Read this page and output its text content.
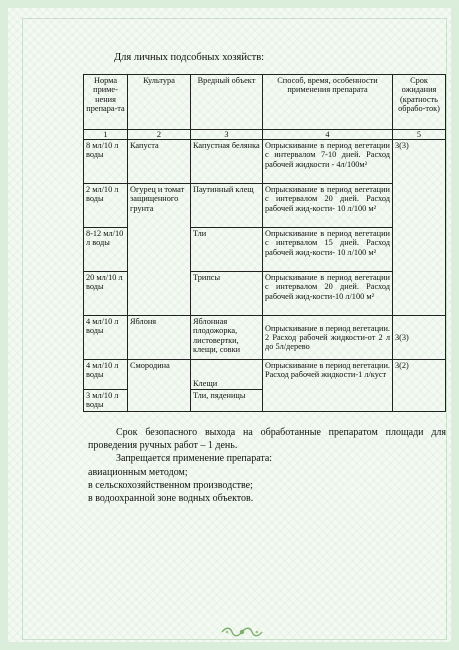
Для личных подсобных хозяйств:
Норма приме-нения препара-та	Культура	Вредный объект	Способ, время, особенности применения препарата	Срок ожидания (кратность обрабо-ток)
1	2	3	4	5
8 мл/10 л воды	Капуста	Капустная белянка	Опрыскивание в период вегетации с интервалом 7-10 дней. Расход рабочей жидкости - 4л/100м²	3(3)
2 мл/10 л воды	Огурец и томат защищенного грунта	Паутинный клещ	Опрыскивание в период вегетации с интервалом 20 дней. Расход рабочей жид-кости- 10 л/100 м²	
8-12 мл/10 л воды		Тли	Опрыскивание в период вегетации с интервалом 15 дней. Расход рабочей жид-кости- 10 л/100 м²	
20 мл/10 л воды		Трипсы	Опрыскивание в период вегетации с интервалом 20 дней. Расход рабочей жид-кости-10 л/100 м²	
4 мл/10 л воды	Яблоня	Яблонная плодожорка, листовертки, клещи, совки	Опрыскивание в период вегетации. 2 Расход рабочей жидкости-от 2 л до 5л/дерево	3(3)
4 мл/10 л воды	Смородина	Клещи	Опрыскивание в период вегетации. Расход рабочей жидкости-1 л/куст	3(2)
3 мл/10 л воды		Тли, пяденицы		

Срок безопасного выхода на обработанные препаратом площади для проведения ручных работ – 1 день.

Запрещается применение препарата:

авиационным методом;

в сельскохозяйственном производстве;

в водоохранной зоне водных объектов.
